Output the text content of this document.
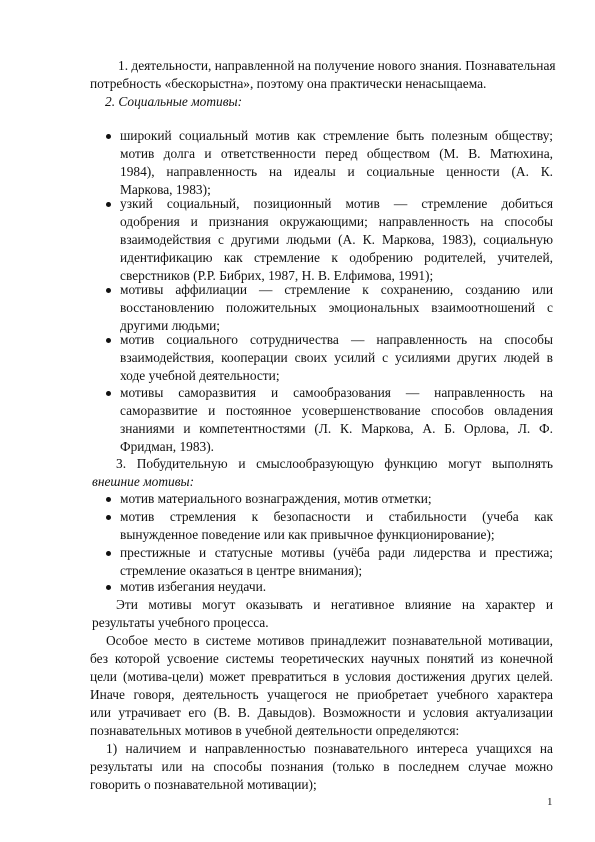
1. деятельности, направленной на получение нового знания. Познавательная

потребность «бескорыстна», поэтому она практически ненасыщаема.

2. Социальные мотивы:

широкий социальный мотив как стремление быть полезным обществу;

мотив долга и ответственности перед обществом (М. В. Матюхина,

1984), направленность на идеалы и социальные ценности (А. К.

Маркова, 1983);

узкий социальный, позиционный мотив — стремление добиться

одобрения и признания окружающими; направленность на способы

взаимодействия с другими людьми (А. К. Маркова, 1983), социальную

идентификацию как стремление к одобрению родителей, учителей,

сверстников (Р.Р. Бибрих, 1987, Н. В. Елфимова, 1991);

мотивы аффилиации — стремление к сохранению, созданию или

восстановлению положительных эмоциональных взаимоотношений с

другими людьми;

мотив социального сотрудничества — направленность на способы

взаимодействия, кооперации своих усилий с усилиями других людей в

ходе учебной деятельности;

мотивы саморазвития и самообразования — направленность на

саморазвитие и постоянное усовершенствование способов овладения

знаниями и компетентностями (Л. К. Маркова, А. Б. Орлова, Л. Ф.

Фридман, 1983).

3. Побудительную и смыслообразующую функцию могут выполнять

внешние мотивы:

мотив материального вознаграждения, мотив отметки;

мотив стремления к безопасности и стабильности (учеба как

вынужденное поведение или как привычное функционирование);

престижные и статусные мотивы (учёба ради лидерства и престижа;

стремление оказаться в центре внимания);

мотив избегания неудачи.

Эти мотивы могут оказывать и негативное влияние на характер и

результаты учебного процесса.

Особое место в системе мотивов принадлежит познавательной мотивации,

без которой усвоение системы теоретических научных понятий из конечной

цели (мотива-цели) может превратиться в условия достижения других целей.

Иначе говоря, деятельность учащегося не приобретает учебного характера

или утрачивает его (В. В. Давыдов). Возможности и условия актуализации

познавательных мотивов в учебной деятельности определяются:

1) наличием и направленностью познавательного интереса учащихся на

результаты или на способы познания (только в последнем случае можно

говорить о познавательной мотивации);

1
